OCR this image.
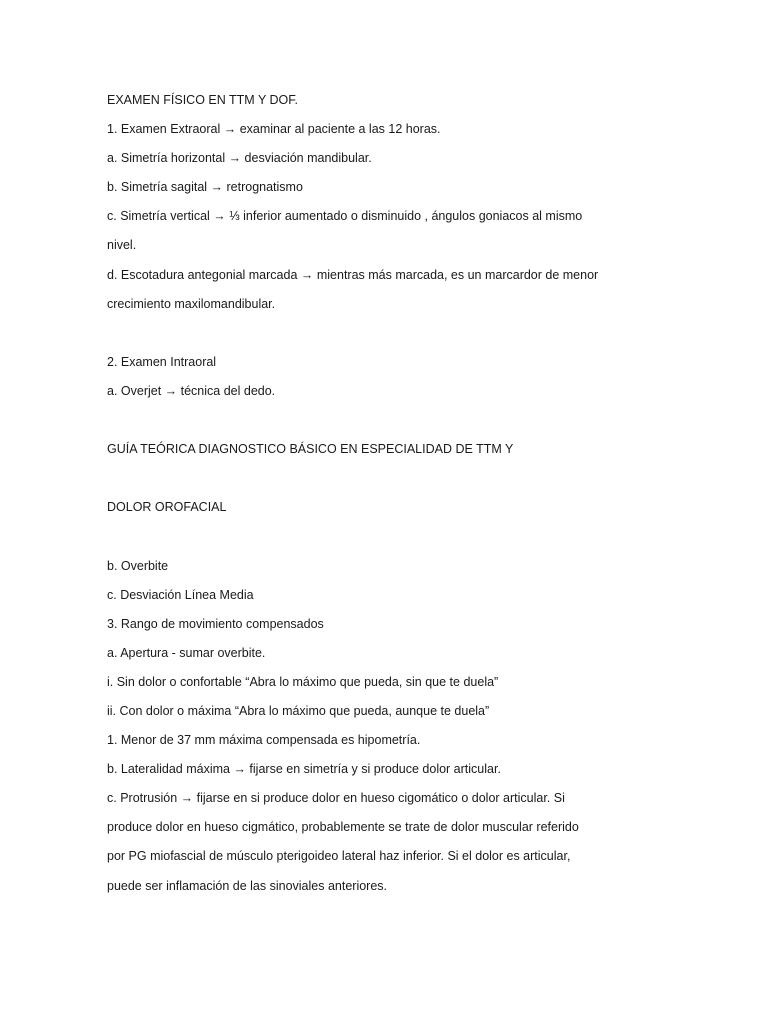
EXAMEN FÍSICO EN TTM Y DOF.
1. Examen Extraoral → examinar al paciente a las 12 horas.
a. Simetría horizontal → desviación mandibular.
b. Simetría sagital → retrognatismo
c. Simetría vertical → ⅓ inferior aumentado o disminuido , ángulos goniacos al mismo
nivel.
d. Escotadura antegonial marcada → mientras más marcada, es un marcardor de menor
crecimiento maxilomandibular.
2. Examen Intraoral
a. Overjet → técnica del dedo.
GUÍA TEÓRICA DIAGNOSTICO BÁSICO EN ESPECIALIDAD DE TTM Y
DOLOR OROFACIAL
b. Overbite
c. Desviación Línea Media
3. Rango de movimiento compensados
a. Apertura - sumar overbite.
i. Sin dolor o confortable “Abra lo máximo que pueda, sin que te duela”
ii. Con dolor o máxima “Abra lo máximo que pueda, aunque te duela”
1. Menor de 37 mm máxima compensada es hipometría.
b. Lateralidad máxima → fijarse en simetría y si produce dolor articular.
c. Protrusión → fijarse en si produce dolor en hueso cigomático o dolor articular. Si
produce dolor en hueso cigmático, probablemente se trate de dolor muscular referido
por PG miofascial de músculo pterigoideo lateral haz inferior. Si el dolor es articular,
puede ser inflamación de las sinoviales anteriores.
